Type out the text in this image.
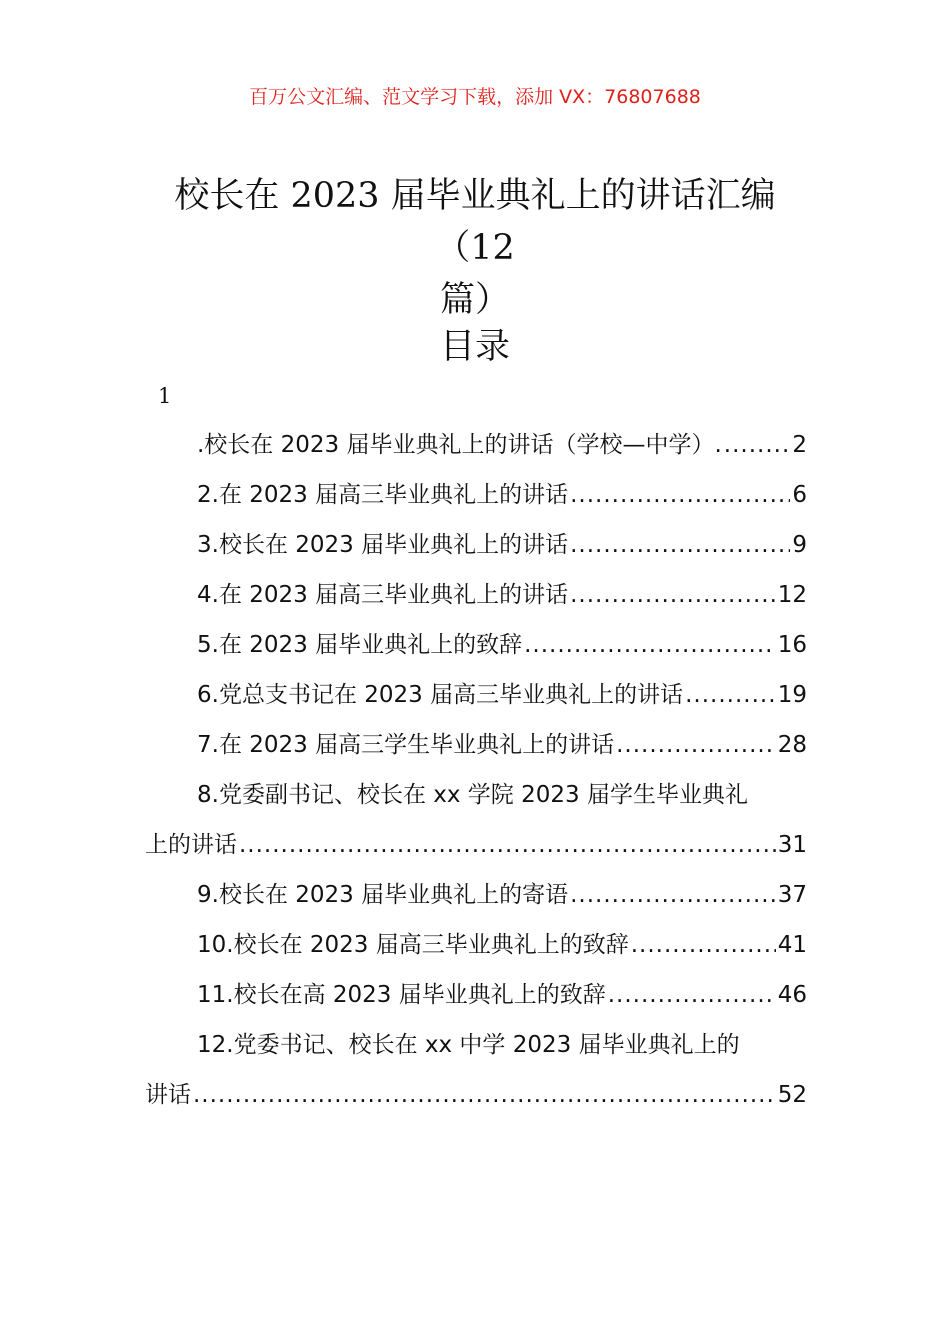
百万公文汇编、范文学习下载，添加 VX：76807688
校长在 2023 届毕业典礼上的讲话汇编（12
篇）
目录
1
.校长在 2023 届毕业典礼上的讲话（学校—中学）. .....	2
2.在 2023 届高三毕业典礼上的讲话 .....	6
3.校长在 2023 届毕业典礼上的讲话 .....	9
4.在 2023 届高三毕业典礼上的讲话 .....	12
5.在 2023 届毕业典礼上的致辞 .....	16
6.党总支书记在 2023 届高三毕业典礼上的讲话 .....	19
7.在 2023 届高三学生毕业典礼上的讲话 .....	28
8.党委副书记、校长在 xx 学院 2023 届学生毕业典礼
上的讲话 .....	31
9.校长在 2023 届毕业典礼上的寄语 .....	37
10.校长在 2023 届高三毕业典礼上的致辞 .....	41
11.校长在高 2023 届毕业典礼上的致辞 .....	46
12.党委书记、校长在 xx 中学 2023 届毕业典礼上的
讲话 .....	52
